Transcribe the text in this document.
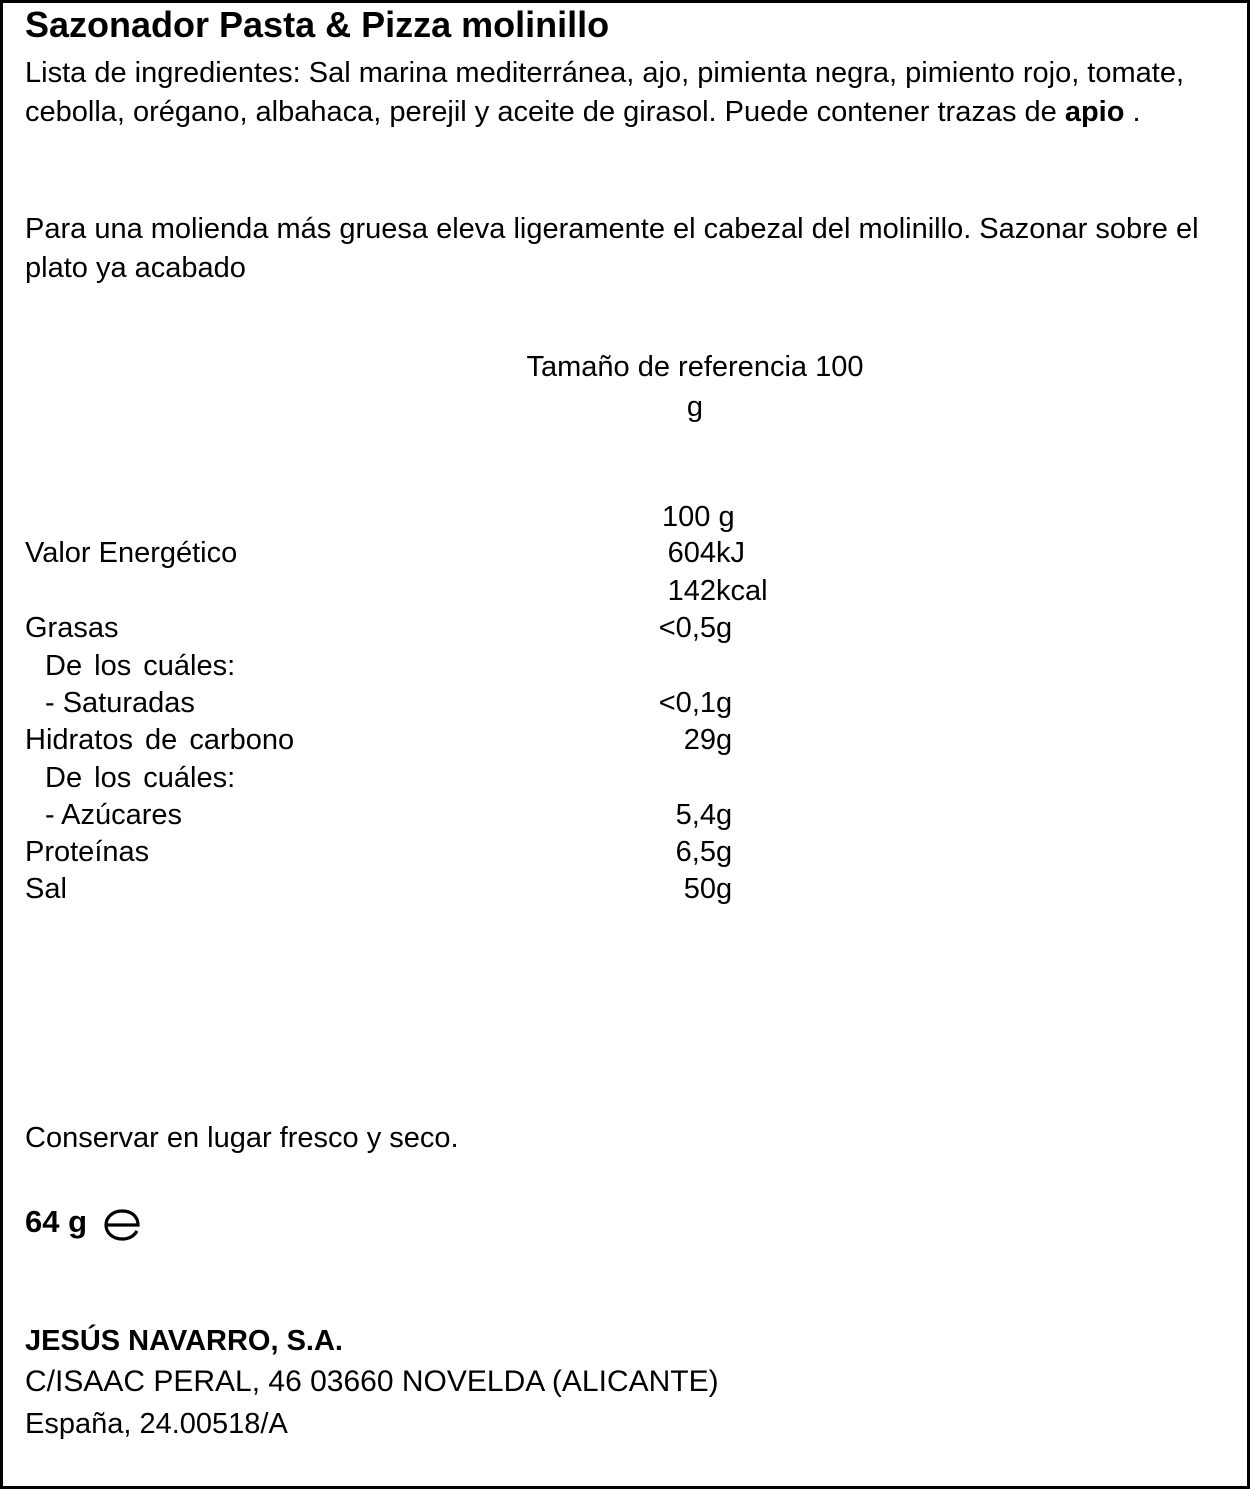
Sazonador Pasta & Pizza molinillo
Lista de ingredientes: Sal marina mediterránea, ajo, pimienta negra, pimiento rojo, tomate, cebolla, orégano, albahaca, perejil y aceite de girasol. Puede contener trazas de apio .
Para una molienda más gruesa eleva ligeramente el cabezal del molinillo. Sazonar sobre el plato ya acabado
Tamaño de referencia 100
g
100 g
Valor Energético	604 kJ
142 kcal
Grasas	<0,5 g
De los cuáles:
- Saturadas	<0,1 g
Hidratos de carbono	29 g
De los cuáles:
- Azúcares	5,4 g
Proteínas	6,5 g
Sal	50 g
Conservar en lugar fresco y seco.
64 g
JESÚS NAVARRO, S.A.
C/ISAAC PERAL, 46 03660 NOVELDA (ALICANTE)
España, 24.00518/A
